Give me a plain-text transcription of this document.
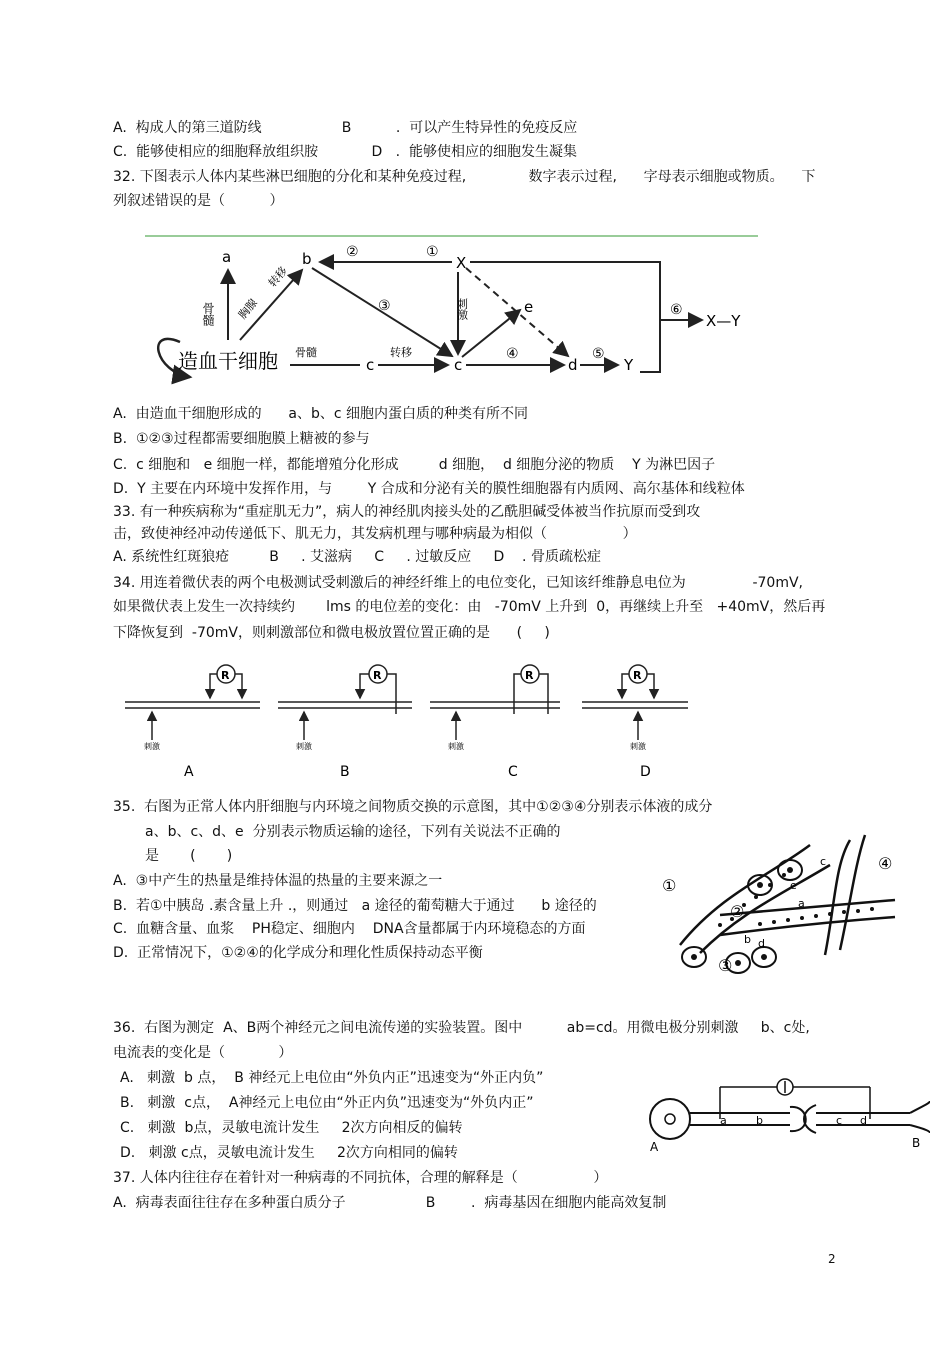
A.  构成人的第三道防线                  B          .  可以产生特异性的免疫反应
C.  能够使相应的细胞释放组织胺            D   .  能够使相应的细胞发生凝集
32. 下图表示人体内某些淋巴细胞的分化和某种免疫过程,              数字表示过程,      字母表示细胞或物质。    下
列叙述错误的是（          ）
造血干细胞
a
骨髓 胸腺
转移
b
骨髓
c
转移
c
②	①
X
③	刺激	e
④
d
⑤
Y
⑥
X—Y
A.  由造血干细胞形成的      a、b、c 细胞内蛋白质的种类有所不同
B.  ①②③过程都需要细胞膜上糖被的参与
C.  c 细胞和   e 细胞一样，都能增殖分化形成         d 细胞，  d 细胞分泌的物质    Y 为淋巴因子
D.  Y 主要在内环境中发挥作用，与        Y 合成和分泌有关的膜性细胞器有内质网、高尔基体和线粒体
33. 有一种疾病称为“重症肌无力”，病人的神经肌肉接头处的乙酰胆碱受体被当作抗原而受到攻
击，致使神经冲动传递低下、肌无力，其发病机理与哪种病最为相似（                 ）
A. 系统性红斑狼疮         B     . 艾滋病     C     . 过敏反应     D    . 骨质疏松症
34. 用连着微伏表的两个电极测试受刺激后的神经纤维上的电位变化，已知该纤维静息电位为               -70mV,
如果微伏表上发生一次持续约       lms 的电位差的变化：由   -70mV 上升到  0，再继续上升至   +40mV，然后再
下降恢复到  -70mV，则刺激部位和微电极放置位置正确的是      (     )
R
刺激
A
R
刺激
B
R
刺激
C
R
刺激
D
35.  右图为正常人体内肝细胞与内环境之间物质交换的示意图，其中①②③④分别表示体液的成分
a、b、c、d、e  分别表示物质运输的途径，下列有关说法不正确的
是       (       )
A.  ③中产生的热量是维持体温的热量的主要来源之一
B.  若①中胰岛 .素含量上升 .，则通过   a 途径的葡萄糖大于通过      b 途径的
C.  血糖含量、血浆    PH稳定、细胞内    DNA含量都属于内环境稳态的方面
D.  正常情况下，①②④的化学成分和理化性质保持动态平衡
①
②
③
④
a
b
c
d
e
36.  右图为测定  A、B两个神经元之间电流传递的实验装置。图中          ab=cd。用微电极分别刺激     b、c处,
电流表的变化是（            ）
A.   刺激  b 点，  B 神经元上电位由“外负内正”迅速变为“外正内负”
B.   刺激  c点，  A神经元上电位由“外正内负”迅速变为“外负内正”
C.   刺激  b点，灵敏电流计发生     2次方向相反的偏转
D.   刺激 c点，灵敏电流计发生     2次方向相同的偏转
a	b	c d
A	B
37. 人体内往往存在着针对一种病毒的不同抗体，合理的解释是（                 ）
A.  病毒表面往往存在多种蛋白质分子                  B        .  病毒基因在细胞内能高效复制
2
